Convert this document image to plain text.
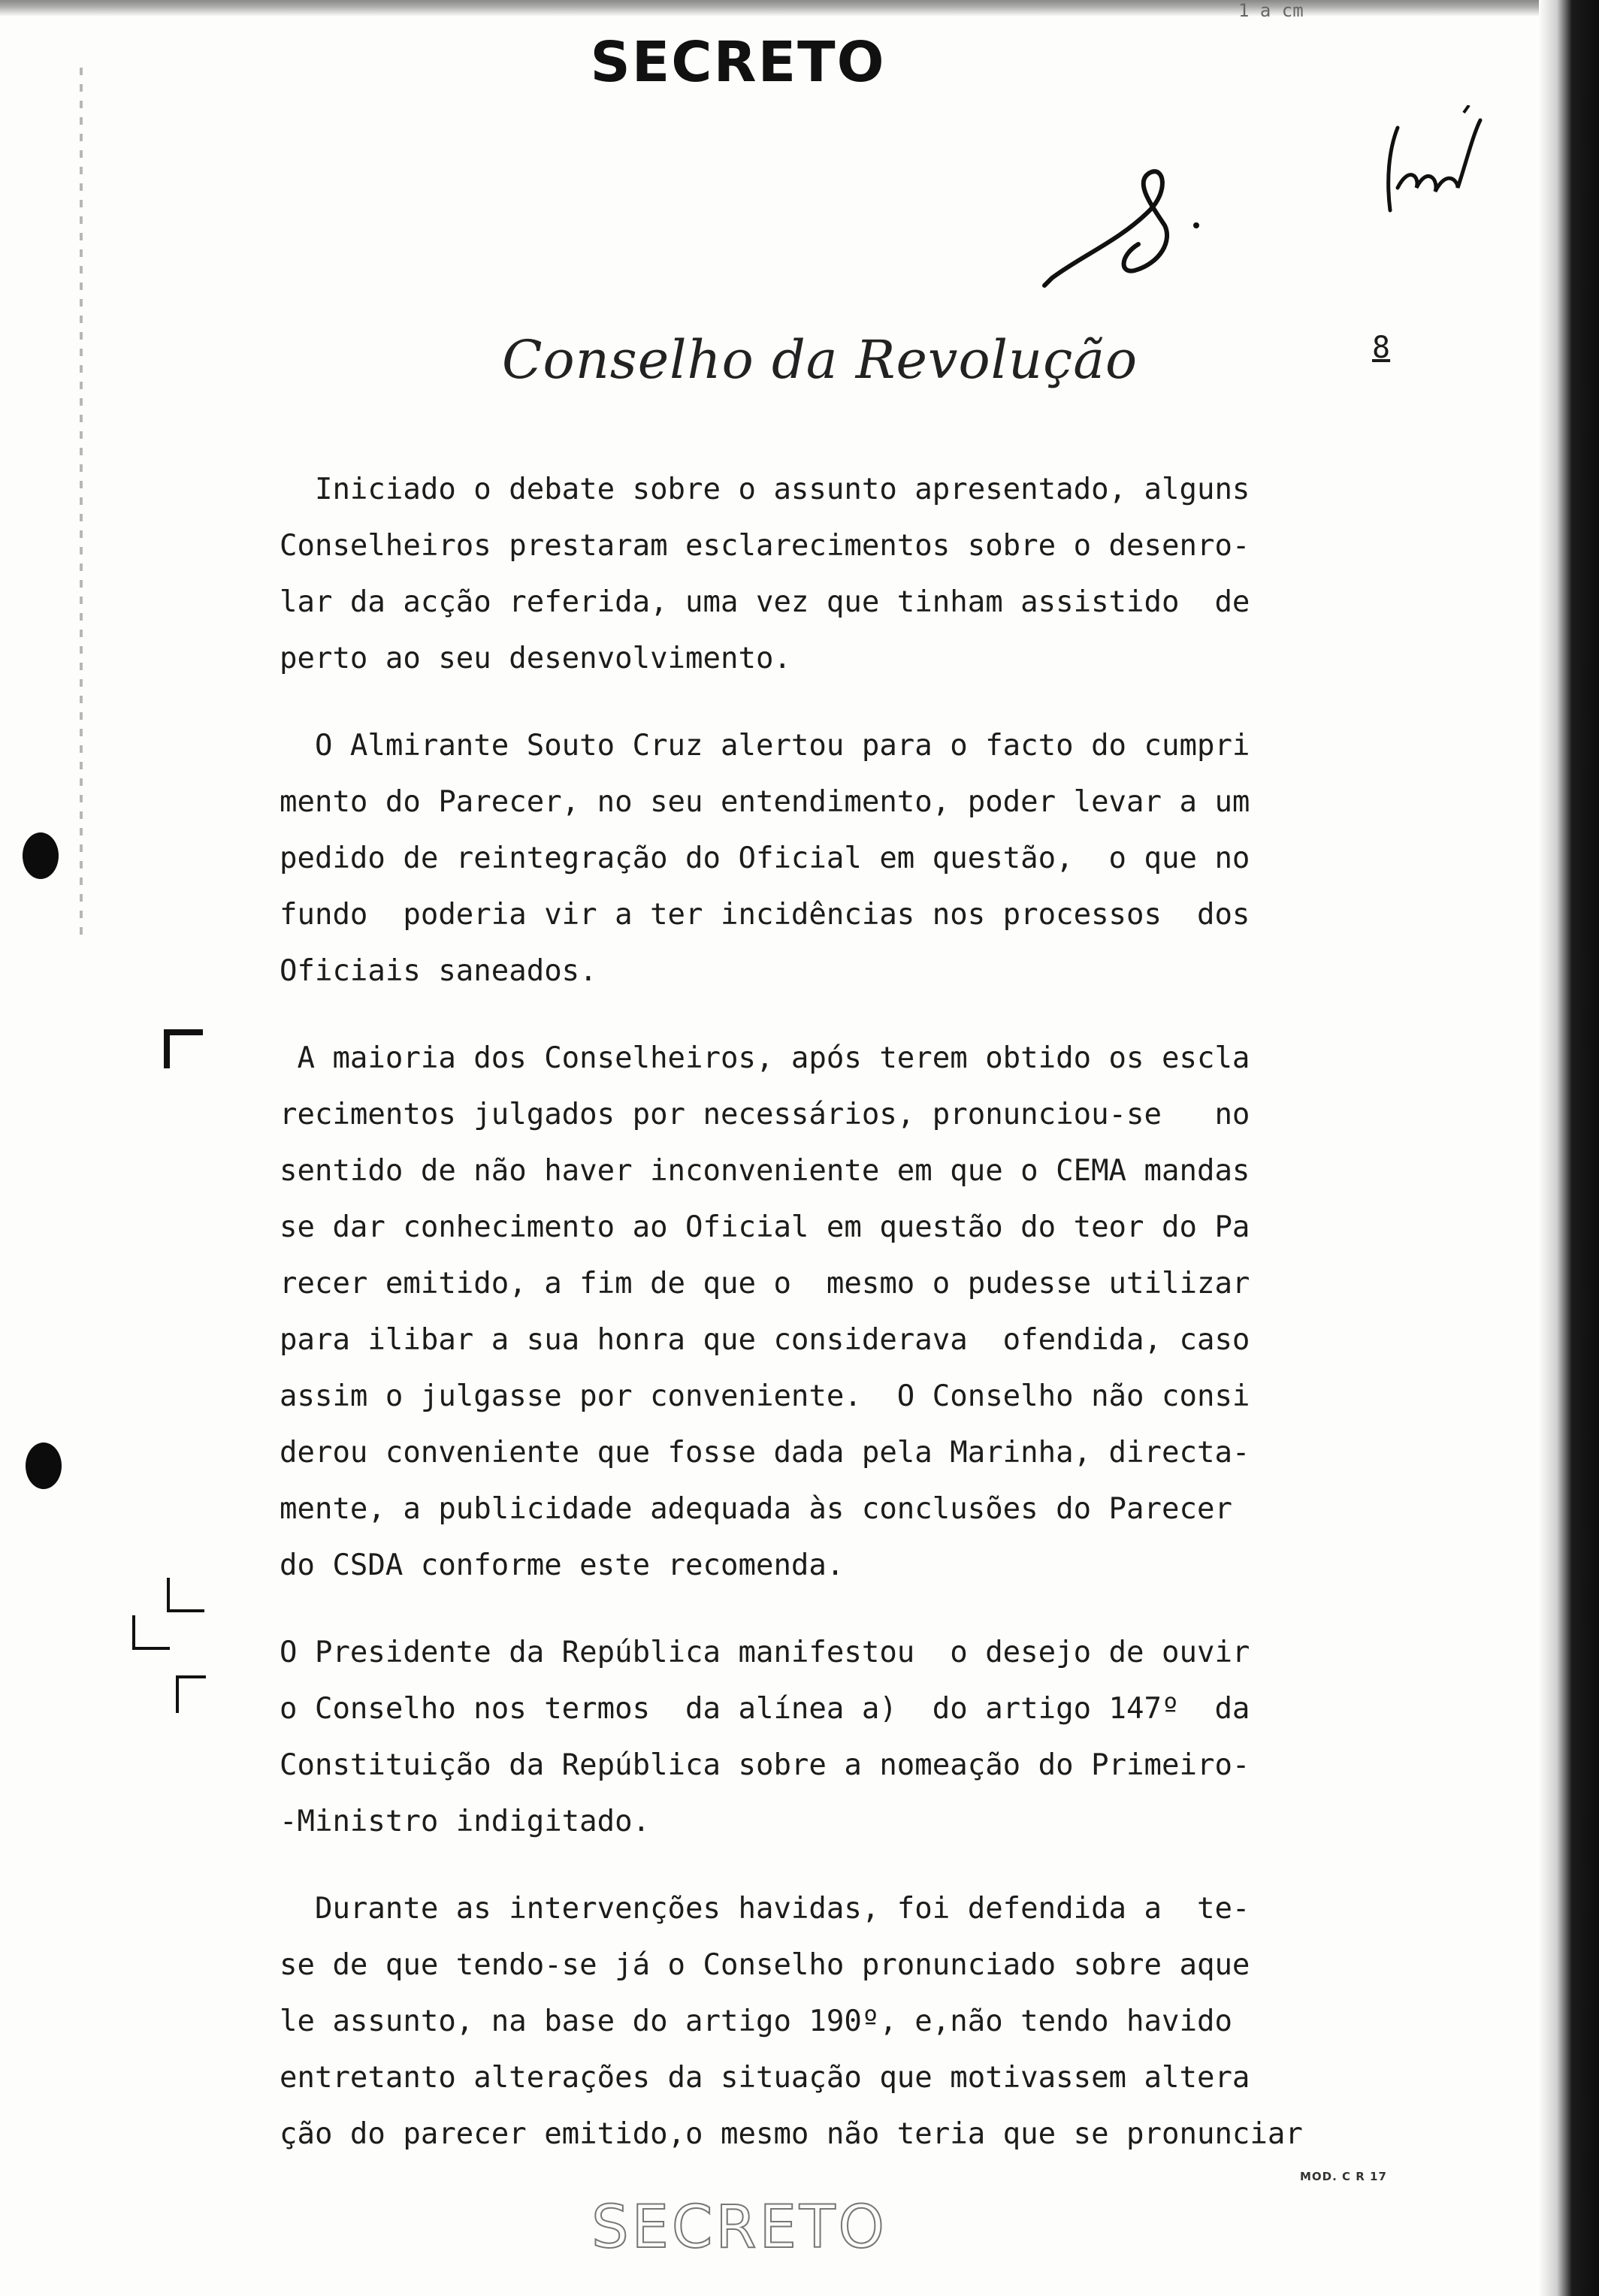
1 a cm
SECRETO
Conselho da Revolução	8
Iniciado o debate sobre o assunto apresentado, alguns
Conselheiros prestaram esclarecimentos sobre o desenro-
lar da acção referida, uma vez que tinham assistido  de
perto ao seu desenvolvimento.
O Almirante Souto Cruz alertou para o facto do cumpri
mento do Parecer, no seu entendimento, poder levar a um
pedido de reintegração do Oficial em questão,  o que no
fundo  poderia vir a ter incidências nos processos  dos
Oficiais saneados.
A maioria dos Conselheiros, após terem obtido os escla
recimentos julgados por necessários, pronunciou-se   no
sentido de não haver inconveniente em que o CEMA mandas
se dar conhecimento ao Oficial em questão do teor do Pa
recer emitido, a fim de que o  mesmo o pudesse utilizar
para ilibar a sua honra que considerava  ofendida, caso
assim o julgasse por conveniente.  O Conselho não consi
derou conveniente que fosse dada pela Marinha, directa-
mente, a publicidade adequada às conclusões do Parecer
do CSDA conforme este recomenda.
O Presidente da República manifestou  o desejo de ouvir
o Conselho nos termos  da alínea a)  do artigo 147º  da
Constituição da República sobre a nomeação do Primeiro-
-Ministro indigitado.
Durante as intervenções havidas, foi defendida a  te-
se de que tendo-se já o Conselho pronunciado sobre aque
le assunto, na base do artigo 190º, e,não tendo havido
entretanto alterações da situação que motivassem altera
ção do parecer emitido,o mesmo não teria que se pronunciar
MOD. C R 17
SECRETO
